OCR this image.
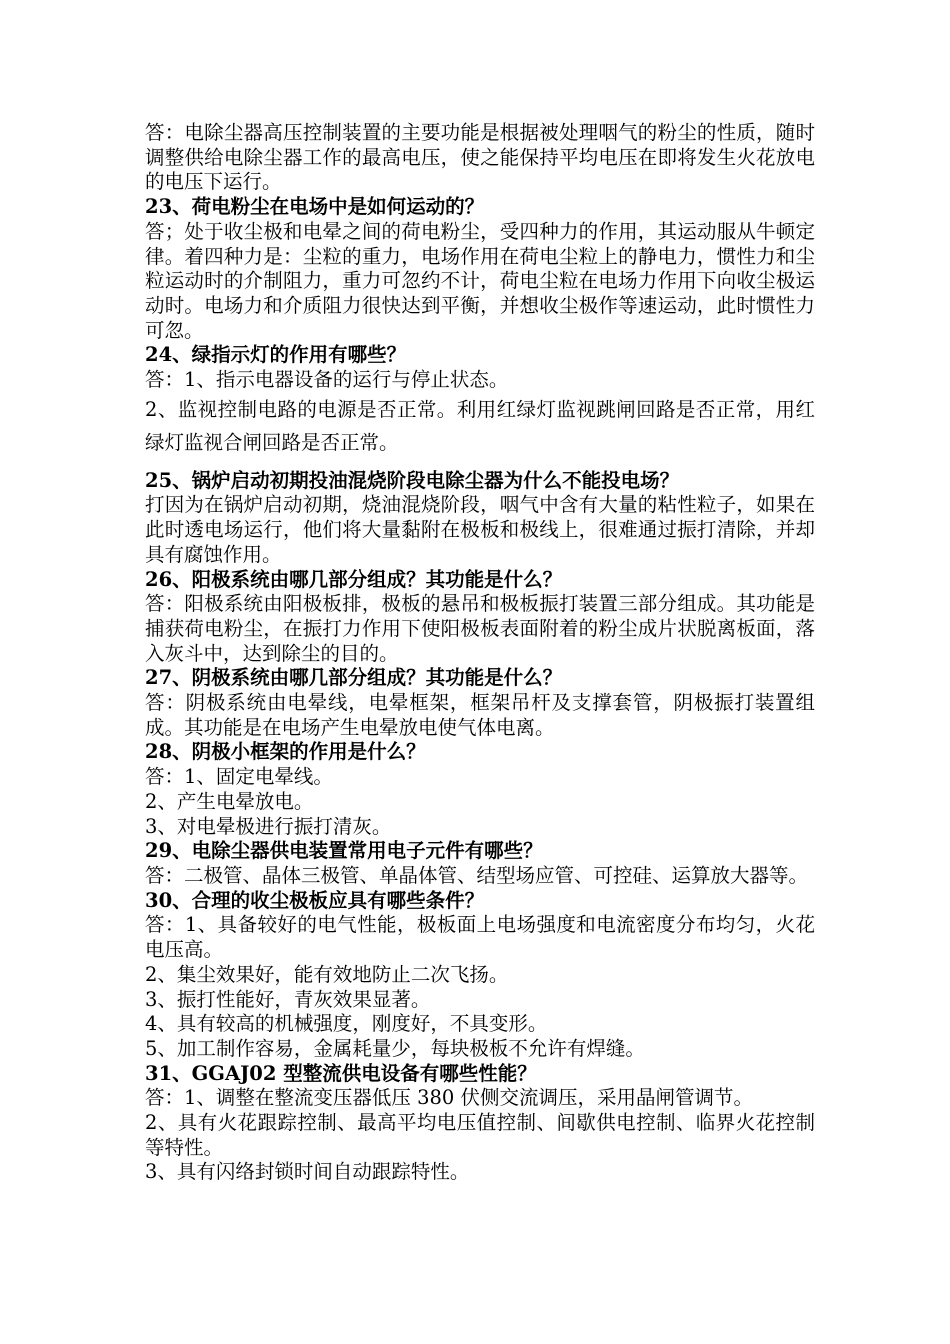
答：电除尘器高压控制装置的主要功能是根据被处理咽气的粉尘的性质，随时调整供给电除尘器工作的最高电压，使之能保持平均电压在即将发生火花放电的电压下运行。

23、荷电粉尘在电场中是如何运动的？

答；处于收尘极和电晕之间的荷电粉尘，受四种力的作用，其运动服从牛顿定律。着四种力是：尘粒的重力，电场作用在荷电尘粒上的静电力，惯性力和尘粒运动时的介制阻力，重力可忽约不计，荷电尘粒在电场力作用下向收尘极运动时。电场力和介质阻力很快达到平衡，并想收尘极作等速运动，此时惯性力可忽。

24、绿指示灯的作用有哪些？

答：1、指示电器设备的运行与停止状态。

2、监视控制电路的电源是否正常。利用红绿灯监视跳闸回路是否正常，用红绿灯监视合闸回路是否正常。

25、锅炉启动初期投油混烧阶段电除尘器为什么不能投电场？

打因为在锅炉启动初期，烧油混烧阶段，咽气中含有大量的粘性粒子，如果在此时透电场运行，他们将大量黏附在极板和极线上，很难通过振打清除，并却具有腐蚀作用。

26、阳极系统由哪几部分组成？其功能是什么？

答：阳极系统由阳极板排，极板的悬吊和极板振打装置三部分组成。其功能是捕获荷电粉尘，在振打力作用下使阳极板表面附着的粉尘成片状脱离板面，落入灰斗中，达到除尘的目的。

27、阴极系统由哪几部分组成？其功能是什么？

答：阴极系统由电晕线，电晕框架，框架吊杆及支撑套管，阴极振打装置组成。其功能是在电场产生电晕放电使气体电离。

28、阴极小框架的作用是什么？

答：1、固定电晕线。

2、产生电晕放电。

3、对电晕极进行振打清灰。

29、电除尘器供电装置常用电子元件有哪些？

答：二极管、晶体三极管、单晶体管、结型场应管、可控硅、运算放大器等。

30、合理的收尘极板应具有哪些条件？

答：1、具备较好的电气性能，极板面上电场强度和电流密度分布均匀，火花电压高。

2、集尘效果好，能有效地防止二次飞扬。

3、振打性能好，青灰效果显著。

4、具有较高的机械强度，刚度好，不具变形。

5、加工制作容易，金属耗量少，每块极板不允许有焊缝。

31、GGAJ02 型整流供电设备有哪些性能？

答：1、调整在整流变压器低压 380 伏侧交流调压，采用晶闸管调节。

2、具有火花跟踪控制、最高平均电压值控制、间歇供电控制、临界火花控制等特性。

3、具有闪络封锁时间自动跟踪特性。
